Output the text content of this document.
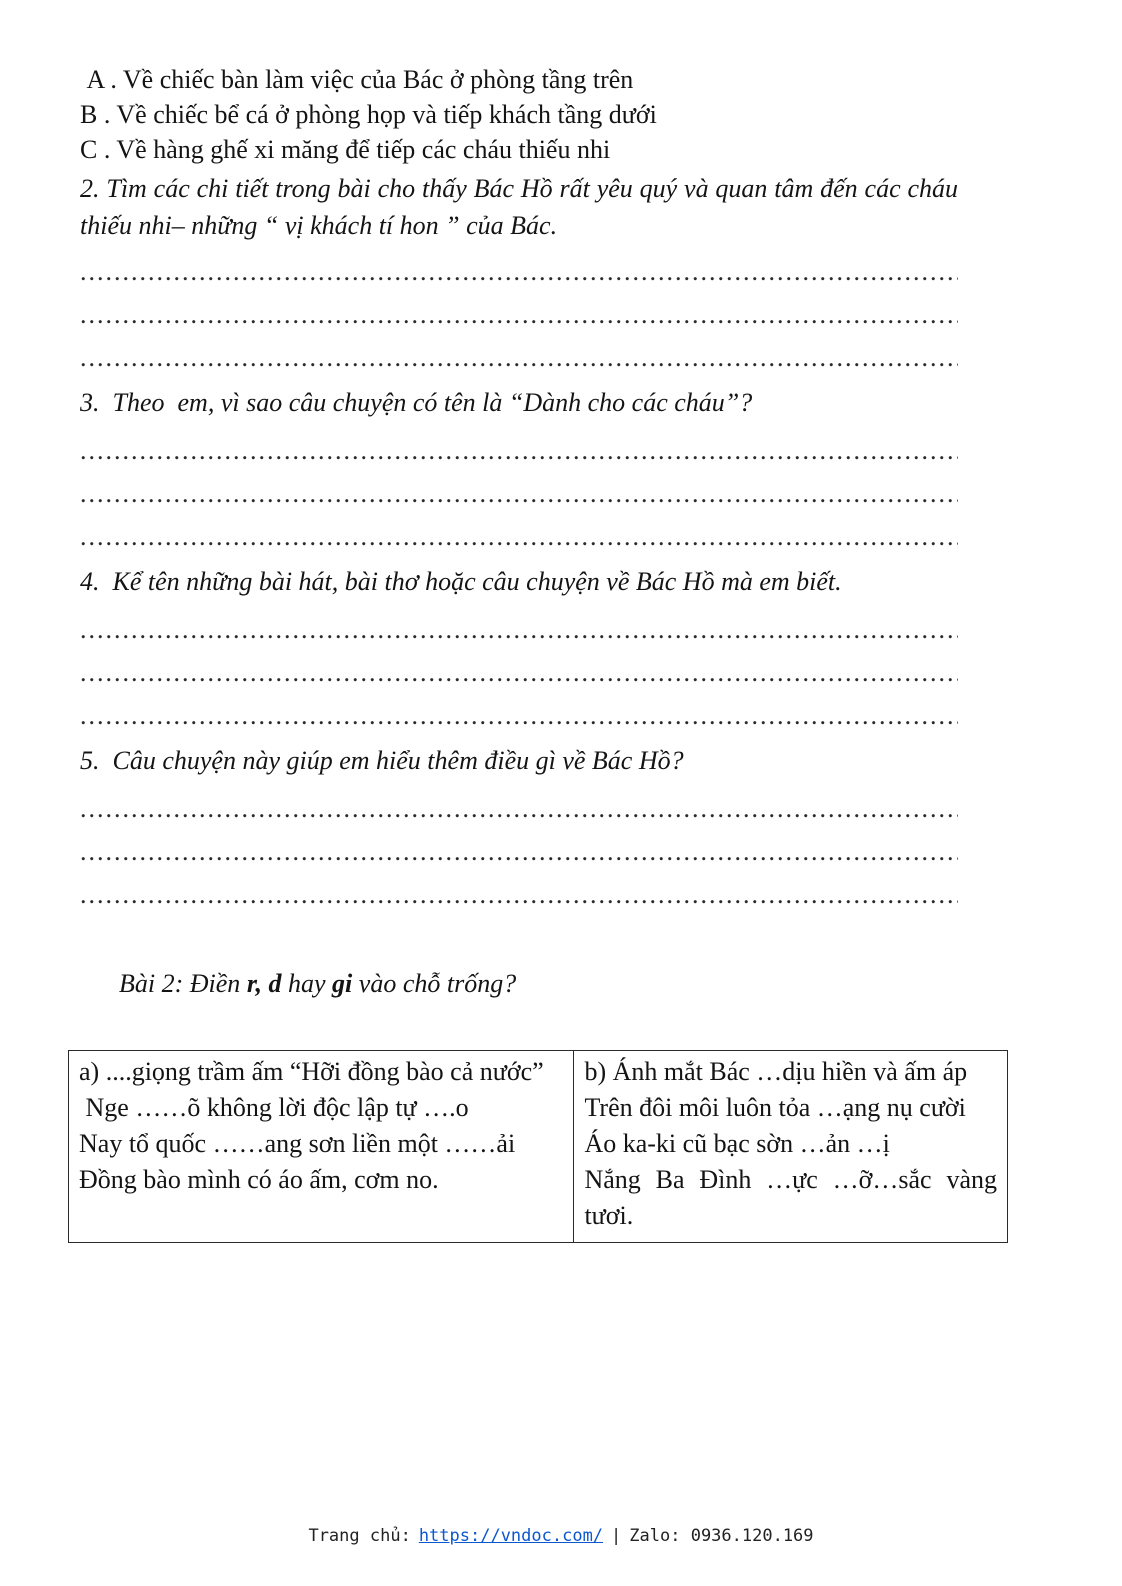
A . Về chiếc bàn làm việc của Bác ở phòng tầng trên
B . Về chiếc bể cá ở phòng họp và tiếp khách tầng dưới
C . Về hàng ghế xi măng để tiếp các cháu thiếu nhi
2. Tìm các chi tiết trong bài cho thấy Bác Hồ rất yêu quý và quan tâm đến các cháu thiếu nhi– những “ vị khách tí hon ” của Bác.
.....
.....
.....
3.  Theo  em, vì sao câu chuyện có tên là “Dành cho các cháu”?
.....
.....
.....
4.  Kể tên những bài hát, bài thơ hoặc câu chuyện về Bác Hồ mà em biết.
.....
.....
.....
5.  Câu chuyện này giúp em hiểu thêm điều gì về Bác Hồ?
.....
.....
.....

Bài 2: Điền r, d hay gi vào chỗ trống?

a) ....giọng trầm ấm “Hỡi đồng bào cả nước”
Nge ……õ không lời độc lập tự ….o
Nay tổ quốc ……ang sơn liền một ……ải
Đồng bào mình có áo ấm, cơm no.

b) Ánh mắt Bác …dịu hiền và ấm áp
Trên đôi môi luôn tỏa …ạng nụ cười
Áo ka-ki cũ bạc sờn …ản …ị
Nắng Ba Đình …ực …ỡ…sắc vàng tươi.
Trang chủ: https://vndoc.com/ | Zalo: 0936.120.169
